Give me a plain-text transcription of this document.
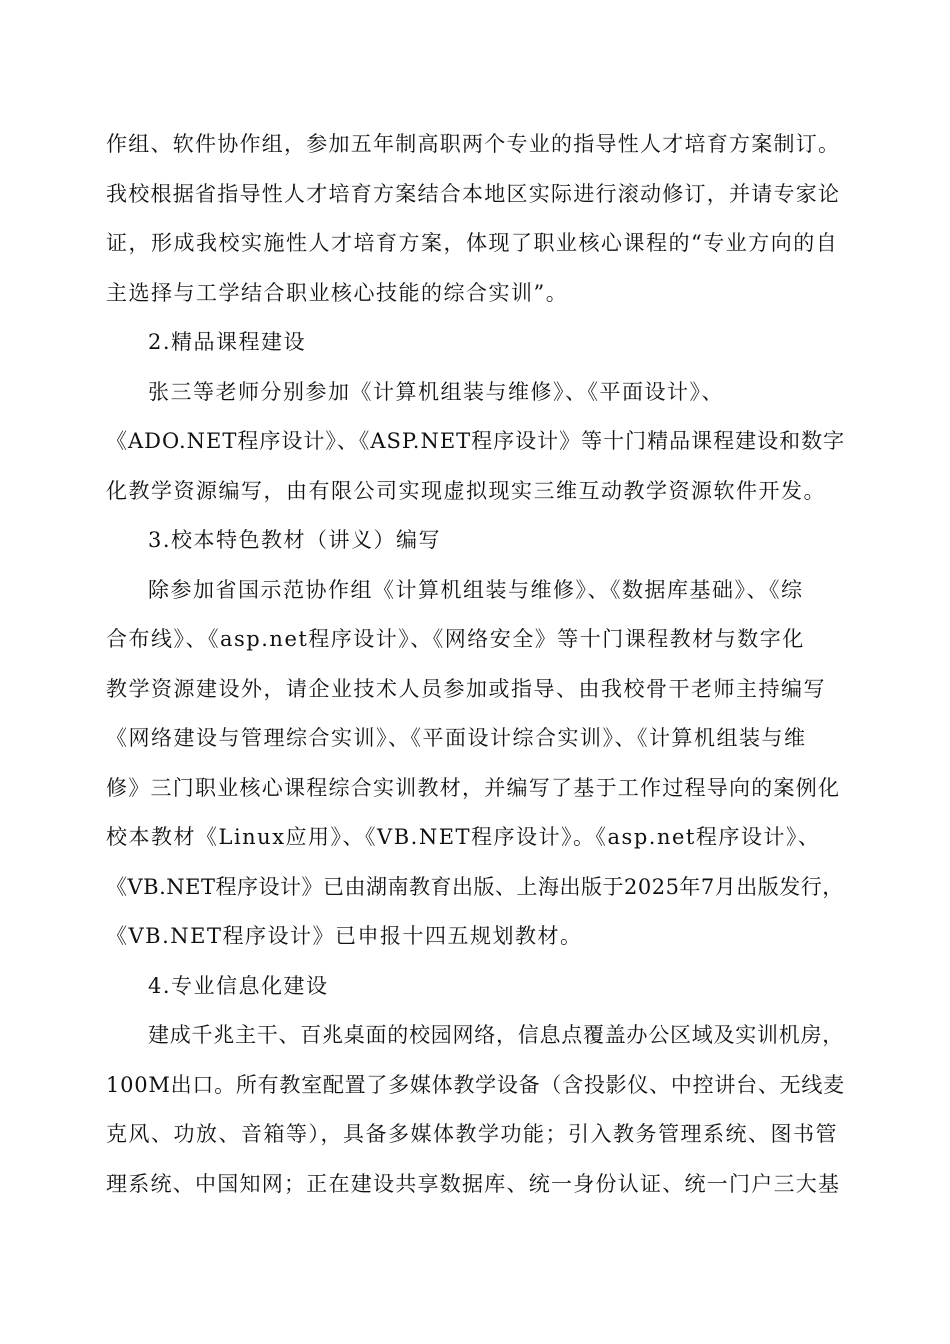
作组、软件协作组，参加五年制高职两个专业的指导性人才培育方案制订。
我校根据省指导性人才培育方案结合本地区实际进行滚动修订，并请专家论
证，形成我校实施性人才培育方案，体现了职业核心课程的“专业方向的自
主选择与工学结合职业核心技能的综合实训”。
2.精品课程建设
张三等老师分别参加《计算机组装与维修》、《平面设计》、
《ADO.NET程序设计》、《ASP.NET程序设计》等十门精品课程建设和数字
化教学资源编写，由有限公司实现虚拟现实三维互动教学资源软件开发。
3.校本特色教材（讲义）编写
除参加省国示范协作组《计算机组装与维修》、《数据库基础》、《综
合布线》、《asp.net程序设计》、《网络安全》等十门课程教材与数字化
教学资源建设外，请企业技术人员参加或指导、由我校骨干老师主持编写
《网络建设与管理综合实训》、《平面设计综合实训》、《计算机组装与维
修》三门职业核心课程综合实训教材，并编写了基于工作过程导向的案例化
校本教材《Linux应用》、《VB.NET程序设计》。《asp.net程序设计》、
《VB.NET程序设计》已由湖南教育出版、上海出版于2025年7月出版发行，
《VB.NET程序设计》已申报十四五规划教材。
4.专业信息化建设
建成千兆主干、百兆桌面的校园网络，信息点覆盖办公区域及实训机房，
100M出口。所有教室配置了多媒体教学设备（含投影仪、中控讲台、无线麦
克风、功放、音箱等），具备多媒体教学功能；引入教务管理系统、图书管
理系统、中国知网；正在建设共享数据库、统一身份认证、统一门户三大基
